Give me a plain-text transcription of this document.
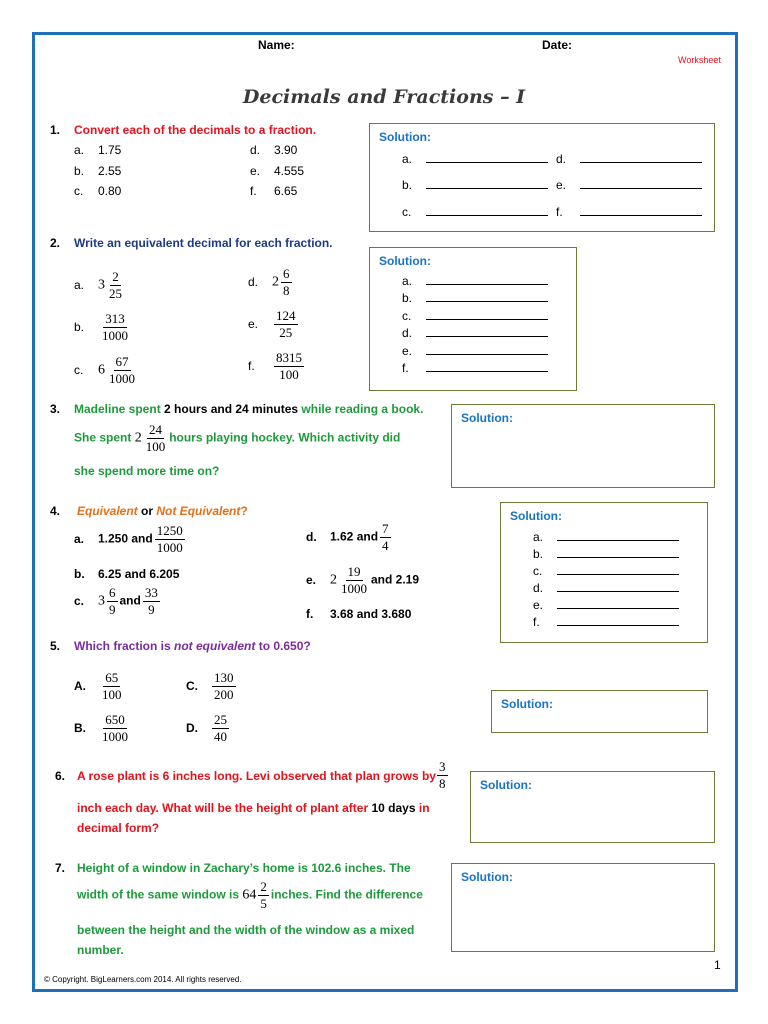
Name:	Date:
Worksheet
Decimals and Fractions – I
1. Convert each of the decimals to a fraction.
a. 1.75
b. 2.55
c. 0.80
d. 3.90
e. 4.555
f. 6.65
Solution:
a.	d.
b.	e.
c.	f.
2. Write an equivalent decimal for each fraction.
a. $3 \frac{2}{25}$
b. $\frac{313}{1000}$
c. $6 \frac{67}{1000}$
d. $2 \frac{6}{8}$
e. $\frac{124}{25}$
f. $\frac{8315}{100}$
Solution:
a.
b.
c.
d.
e.
f.
3. Madeline spent 2 hours and 24 minutes while reading a book.
She spent $2 \frac{24}{100}$ hours playing hockey. Which activity did
she spend more time on?
Solution:
4. Equivalent or Not Equivalent?
a. 1.250 and $\frac{1250}{1000}$
b. 6.25 and 6.205
c. $3 \frac{6}{9}$ and $\frac{33}{9}$
d. 1.62 and $\frac{7}{4}$
e. $2 \frac{19}{1000}$ and 2.19
f. 3.68 and 3.680
Solution:
a.
b.
c.
d.
e.
f.
5. Which fraction is not equivalent to 0.650?
A. $\frac{65}{100}$
B. $\frac{650}{1000}$
C. $\frac{130}{200}$
D. $\frac{25}{40}$
Solution:
6. A rose plant is 6 inches long. Levi observed that plan grows by $\frac{3}{8}$
inch each day. What will be the height of plant after 10 days in
decimal form?
Solution:
7. Height of a window in Zachary’s home is 102.6 inches. The
width of the same window is $64 \frac{2}{5}$ inches. Find the difference
between the height and the width of the window as a mixed
number.
Solution:
1
© Copyright. BigLearners.com 2014. All rights reserved.
